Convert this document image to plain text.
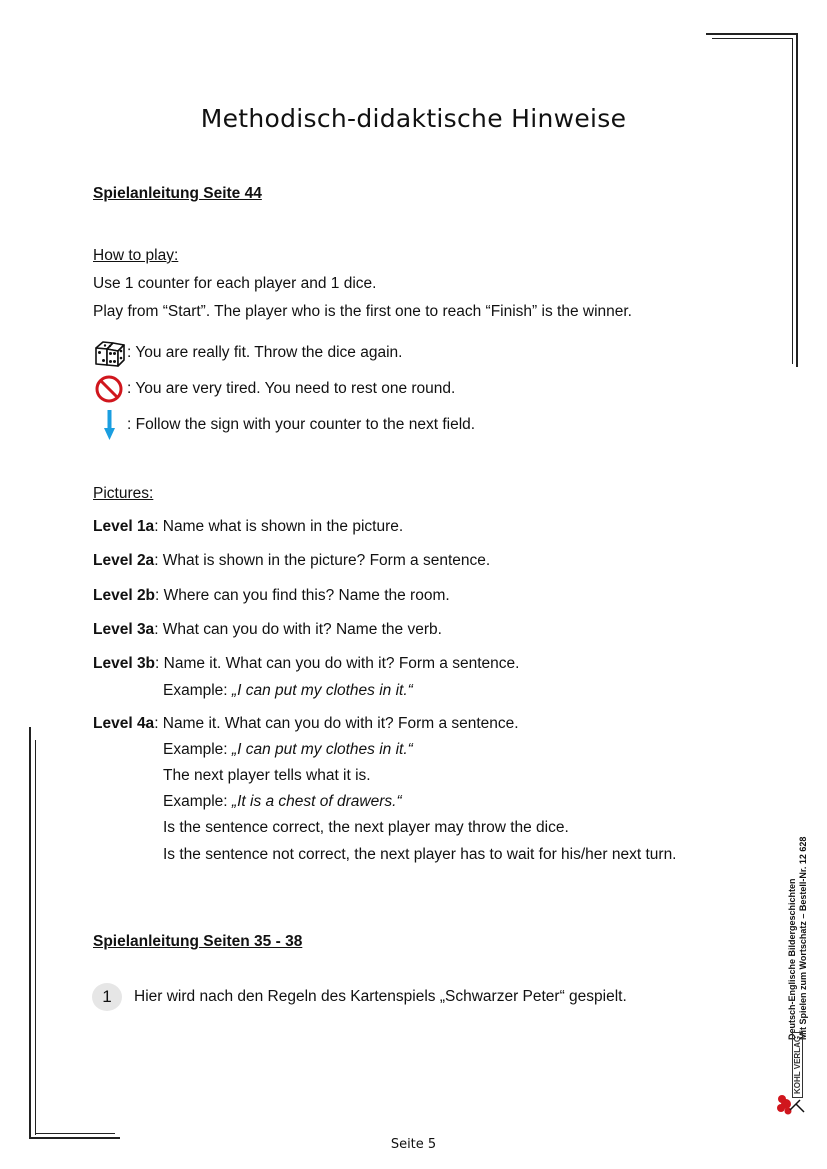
Methodisch-didaktische Hinweise
Spielanleitung Seite 44
How to play:
Use 1 counter for each player and 1 dice.
Play from “Start”. The player who is the first one to reach “Finish” is the winner.
: You are really fit. Throw the dice again.
: You are very tired. You need to rest one round.
: Follow the sign with your counter to the next field.
Pictures:
Level 1a: Name what is shown in the picture.
Level 2a: What is shown in the picture? Form a sentence.
Level 2b: Where can you find this? Name the room.
Level 3a: What can you do with it? Name the verb.
Level 3b: Name it. What can you do with it? Form a sentence.
Example: „I can put my clothes in it.“
Level 4a: Name it. What can you do with it? Form a sentence.
Example: „I can put my clothes in it.“
The next player tells what it is.
Example: „It is a chest of drawers.“
Is the sentence correct, the next player may throw the dice.
Is the sentence not correct, the next player has to wait for his/her next turn.
Spielanleitung Seiten 35 - 38
1	Hier wird nach den Regeln des Kartenspiels „Schwarzer Peter“ gespielt.	Deutsch-Englische Bildergeschichten Mit Spielen zum Wortschatz – Bestell-Nr. 12 628
KOHL VERLAG
Seite 5
